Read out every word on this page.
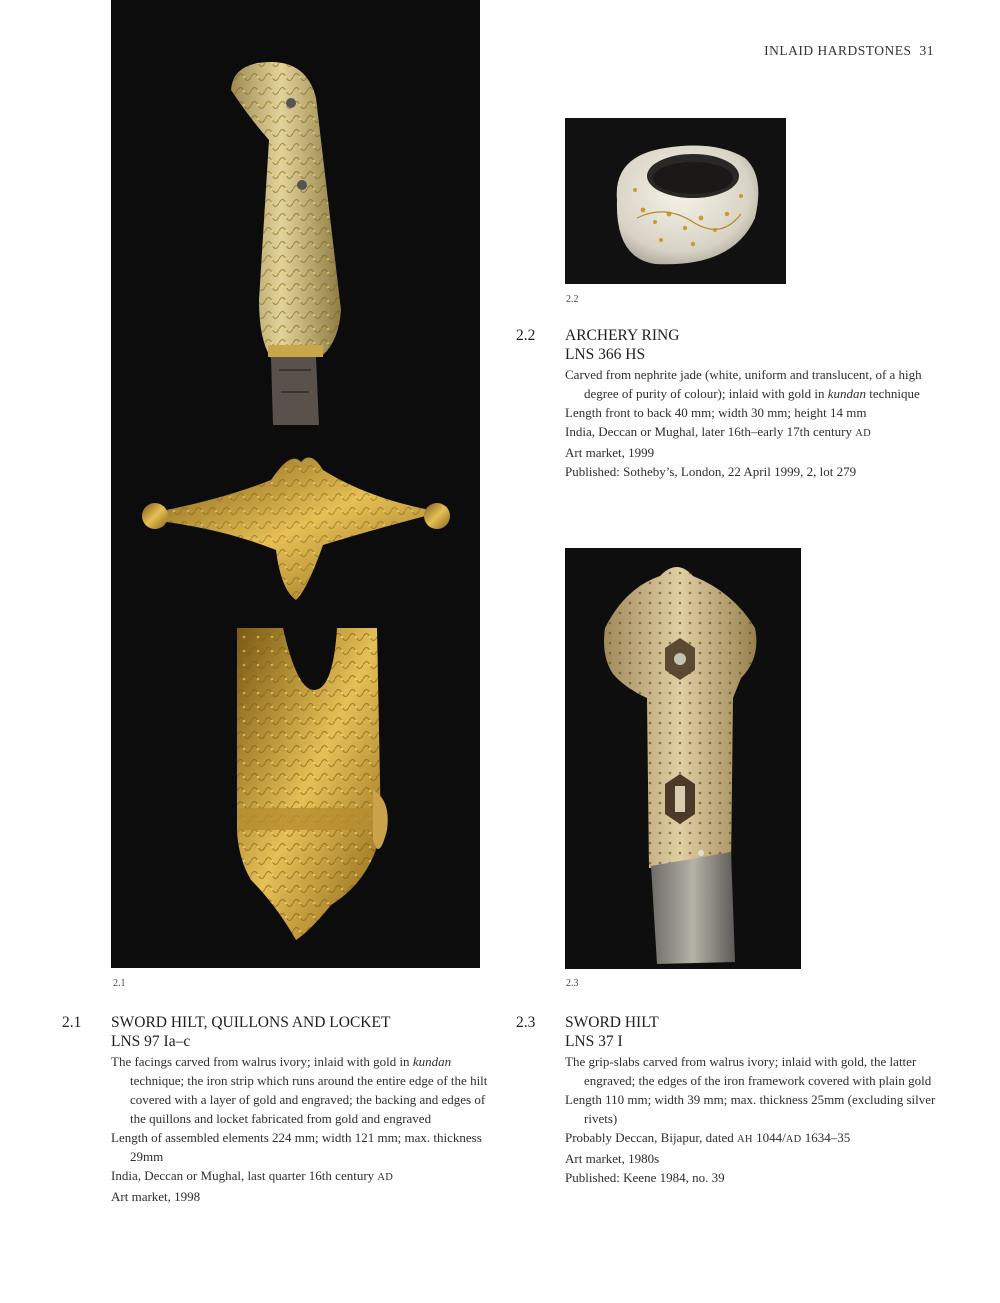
INLAID HARDSTONES 31
2.1
2.2
2.3
2.2 ARCHERY RING
LNS 366 HS

Carved from nephrite jade (white, uniform and translucent, of a high degree of purity of colour); inlaid with gold in kundan technique

Length front to back 40 mm; width 30 mm; height 14 mm

India, Deccan or Mughal, later 16th–early 17th century AD

Art market, 1999

Published: Sotheby’s, London, 22 April 1999, 2, lot 279

2.1 SWORD HILT, QUILLONS AND LOCKET
LNS 97 Ia–c

The facings carved from walrus ivory; inlaid with gold in kundan technique; the iron strip which runs around the entire edge of the hilt covered with a layer of gold and engraved; the backing and edges of the quillons and locket fabricated from gold and engraved

Length of assembled elements 224 mm; width 121 mm; max. thickness 29mm

India, Deccan or Mughal, last quarter 16th century AD

Art market, 1998

2.3 SWORD HILT
LNS 37 I

The grip-slabs carved from walrus ivory; inlaid with gold, the latter engraved; the edges of the iron framework covered with plain gold

Length 110 mm; width 39 mm; max. thickness 25mm (excluding silver rivets)

Probably Deccan, Bijapur, dated AH 1044/AD 1634–35

Art market, 1980s

Published: Keene 1984, no. 39
